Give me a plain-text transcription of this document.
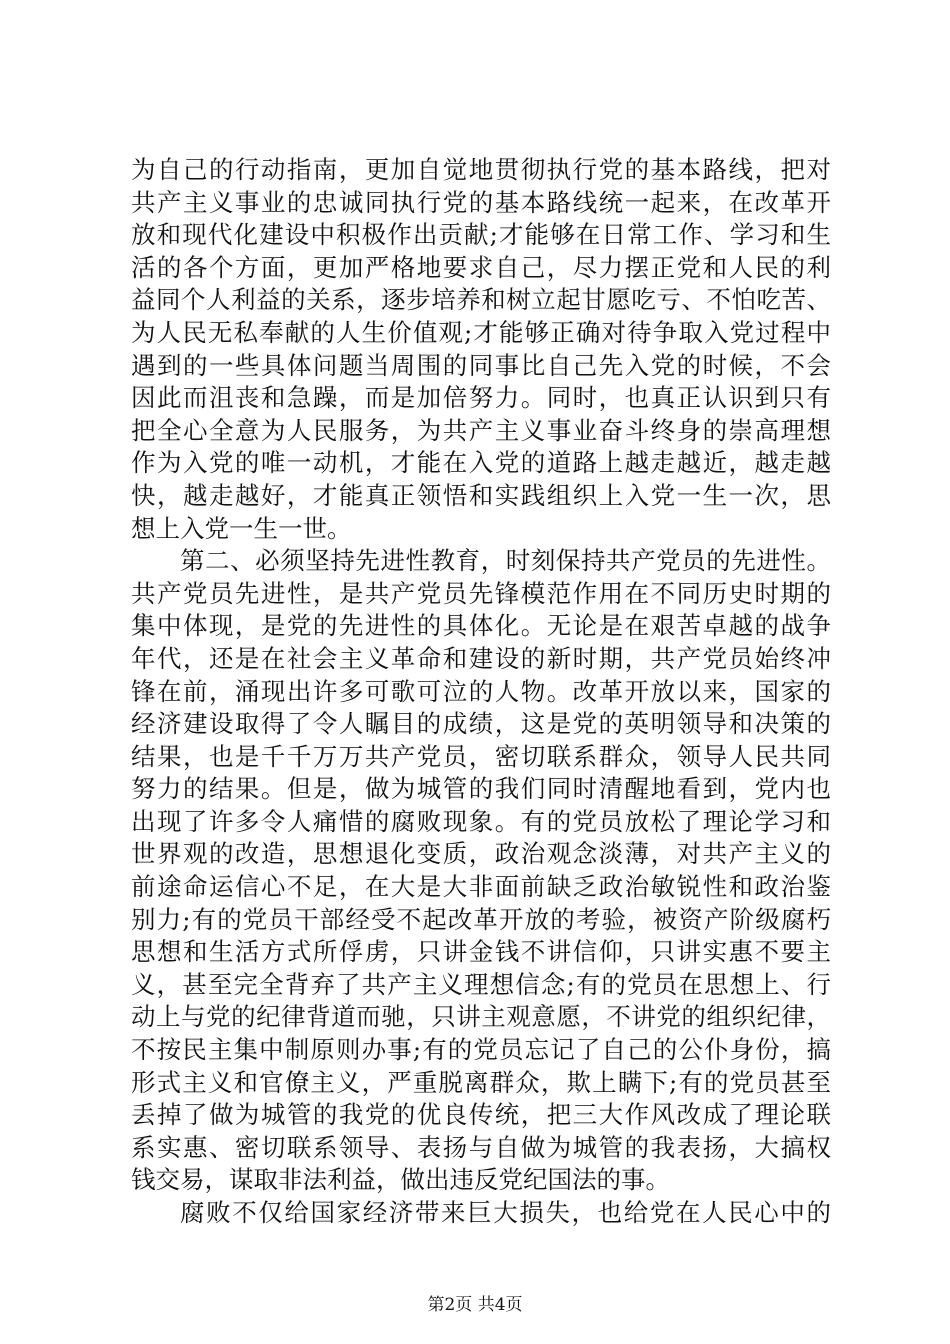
为自己的行动指南，更加自觉地贯彻执行党的基本路线，把对
共产主义事业的忠诚同执行党的基本路线统一起来，在改革开
放和现代化建设中积极作出贡献;才能够在日常工作、学习和生
活的各个方面，更加严格地要求自己，尽力摆正党和人民的利
益同个人利益的关系，逐步培养和树立起甘愿吃亏、不怕吃苦、
为人民无私奉献的人生价值观;才能够正确对待争取入党过程中
遇到的一些具体问题当周围的同事比自己先入党的时候，不会
因此而沮丧和急躁，而是加倍努力。同时，也真正认识到只有
把全心全意为人民服务，为共产主义事业奋斗终身的崇高理想
作为入党的唯一动机，才能在入党的道路上越走越近，越走越
快，越走越好，才能真正领悟和实践组织上入党一生一次，思
想上入党一生一世。
第二、必须坚持先进性教育，时刻保持共产党员的先进性。
共产党员先进性，是共产党员先锋模范作用在不同历史时期的
集中体现，是党的先进性的具体化。无论是在艰苦卓越的战争
年代，还是在社会主义革命和建设的新时期，共产党员始终冲
锋在前，涌现出许多可歌可泣的人物。改革开放以来，国家的
经济建设取得了令人瞩目的成绩，这是党的英明领导和决策的
结果，也是千千万万共产党员，密切联系群众，领导人民共同
努力的结果。但是，做为城管的我们同时清醒地看到，党内也
出现了许多令人痛惜的腐败现象。有的党员放松了理论学习和
世界观的改造，思想退化变质，政治观念淡薄，对共产主义的
前途命运信心不足，在大是大非面前缺乏政治敏锐性和政治鉴
别力;有的党员干部经受不起改革开放的考验，被资产阶级腐朽
思想和生活方式所俘虏，只讲金钱不讲信仰，只讲实惠不要主
义，甚至完全背弃了共产主义理想信念;有的党员在思想上、行
动上与党的纪律背道而驰，只讲主观意愿，不讲党的组织纪律，
不按民主集中制原则办事;有的党员忘记了自己的公仆身份，搞
形式主义和官僚主义，严重脱离群众，欺上瞒下;有的党员甚至
丢掉了做为城管的我党的优良传统，把三大作风改成了理论联
系实惠、密切联系领导、表扬与自做为城管的我表扬，大搞权
钱交易，谋取非法利益，做出违反党纪国法的事。
腐败不仅给国家经济带来巨大损失，也给党在人民心中的
第2页 共4页
